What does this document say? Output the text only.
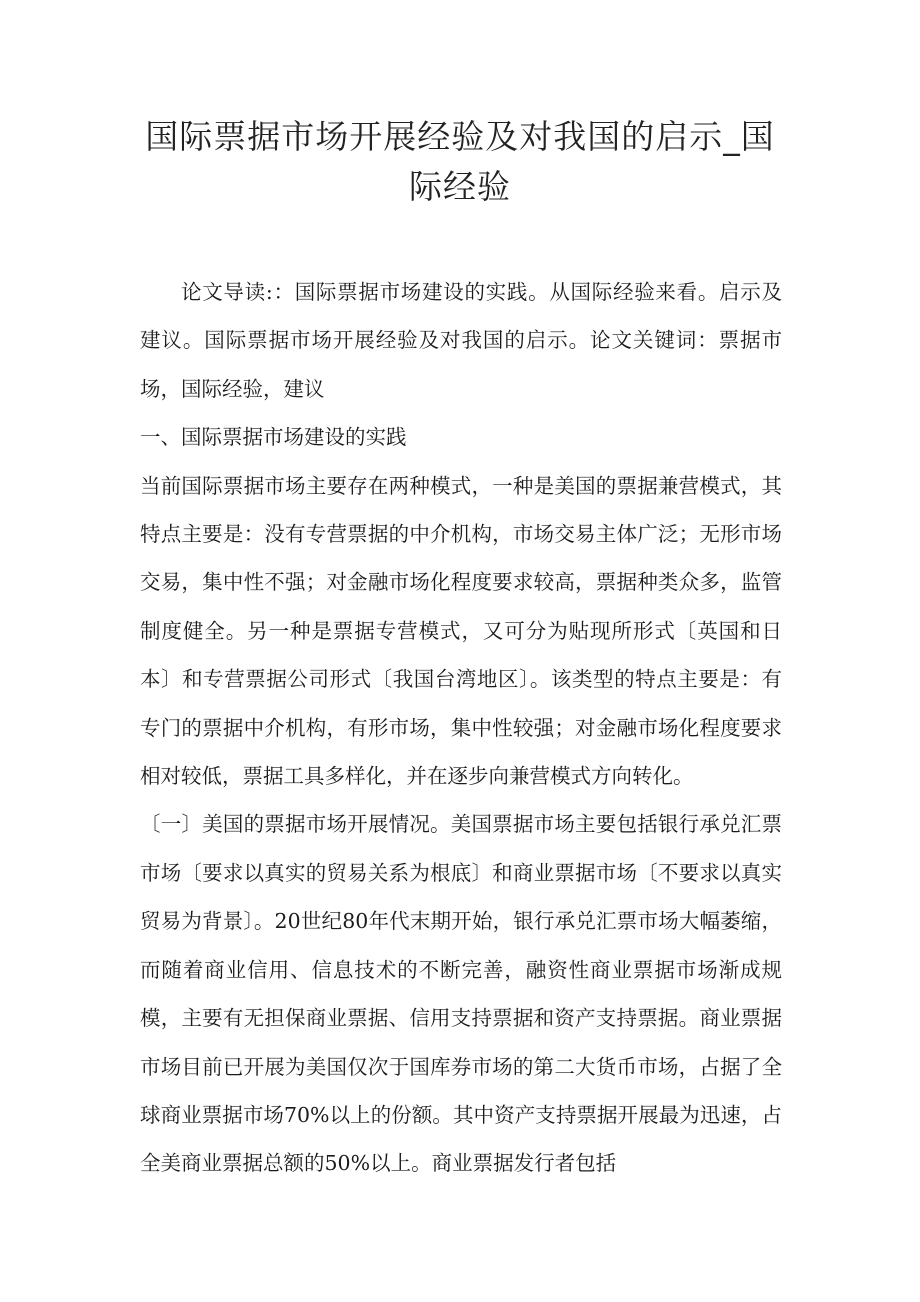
国际票据市场开展经验及对我国的启示_国际经验

论文导读:：国际票据市场建设的实践。从国际经验来看。启示及建议。国际票据市场开展经验及对我国的启示。论文关键词：票据市场，国际经验，建议

一、国际票据市场建设的实践

当前国际票据市场主要存在两种模式，一种是美国的票据兼营模式，其特点主要是：没有专营票据的中介机构，市场交易主体广泛；无形市场交易，集中性不强；对金融市场化程度要求较高，票据种类众多，监管制度健全。另一种是票据专营模式，又可分为贴现所形式〔英国和日本〕和专营票据公司形式〔我国台湾地区〕。该类型的特点主要是：有专门的票据中介机构，有形市场，集中性较强；对金融市场化程度要求相对较低，票据工具多样化，并在逐步向兼营模式方向转化。

〔一〕美国的票据市场开展情况。美国票据市场主要包括银行承兑汇票市场〔要求以真实的贸易关系为根底〕和商业票据市场〔不要求以真实贸易为背景〕。20世纪80年代末期开始，银行承兑汇票市场大幅萎缩，而随着商业信用、信息技术的不断完善，融资性商业票据市场渐成规模，主要有无担保商业票据、信用支持票据和资产支持票据。商业票据市场目前已开展为美国仅次于国库券市场的第二大货币市场，占据了全球商业票据市场70%以上的份额。其中资产支持票据开展最为迅速，占全美商业票据总额的50%以上。商业票据发行者包括
